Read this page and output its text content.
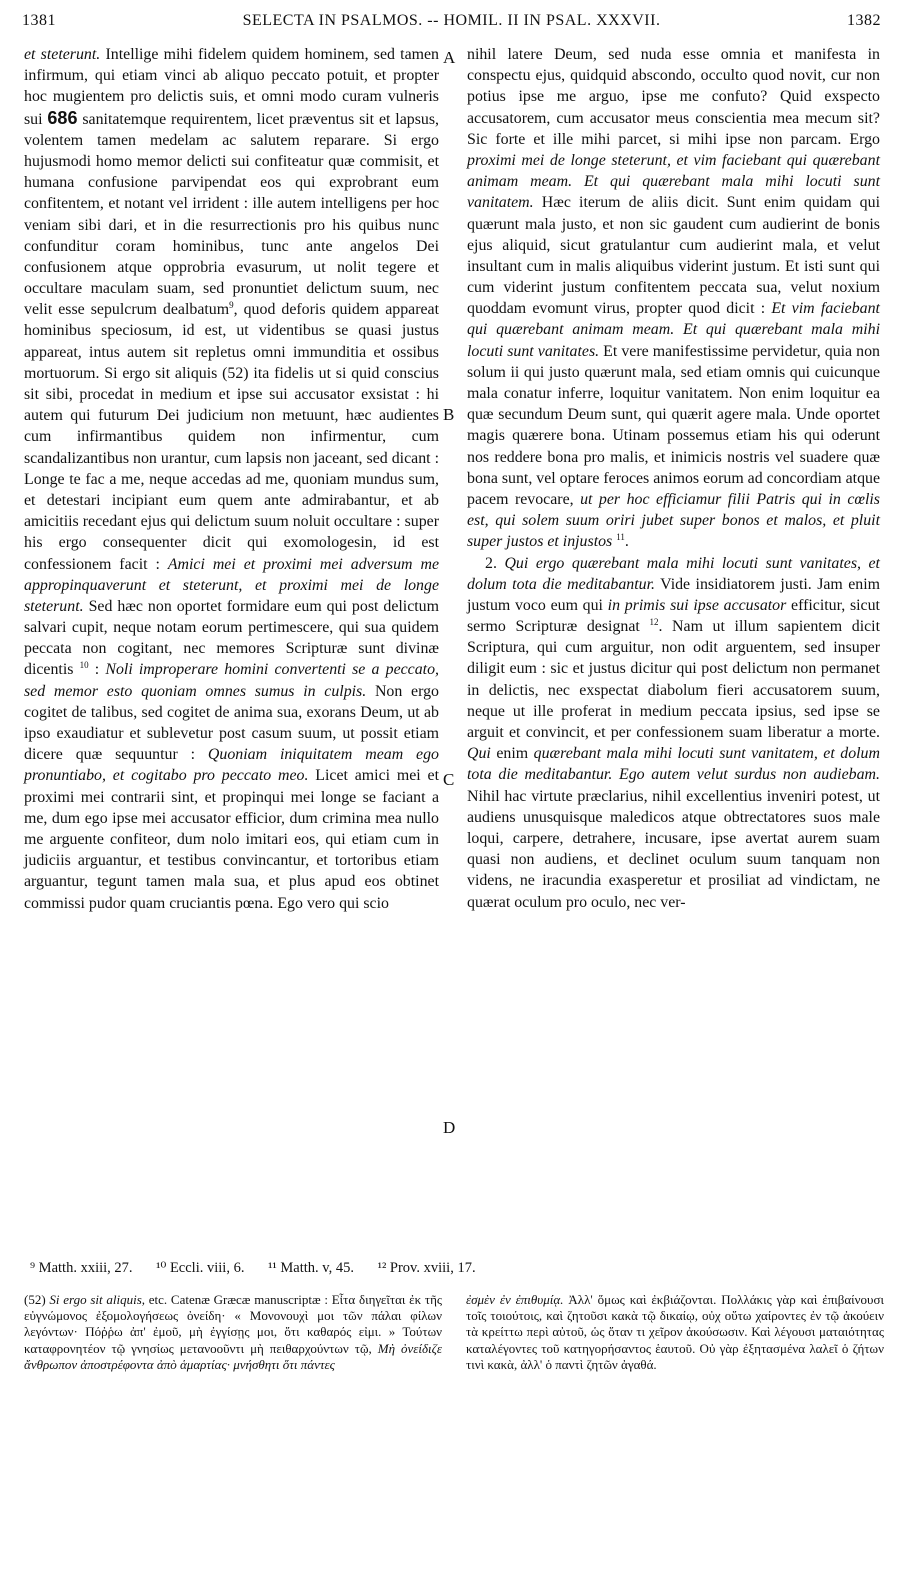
1381	SELECTA IN PSALMOS. -- HOMIL. II IN PSAL. XXXVII.	1382
A
B
C
D

et steterunt. Intellige mihi fidelem quidem hominem, sed tamen infirmum, qui etiam vinci ab aliquo peccato potuit, et propter hoc mugientem pro delictis suis, et omni modo curam vulneris sui 686 sanitatemque requirentem, licet præventus sit et lapsus, volentem tamen medelam ac salutem reparare. Si ergo hujusmodi homo memor delicti sui confiteatur quæ commisit, et humana confusione parvipendat eos qui exprobrant eum confitentem, et notant vel irrident : ille autem intelligens per hoc veniam sibi dari, et in die resurrectionis pro his quibus nunc confunditur coram hominibus, tunc ante angelos Dei confusionem atque opprobria evasurum, ut nolit tegere et occultare maculam suam, sed pronuntiet delictum suum, nec velit esse sepulcrum dealbatum$^9$, quod deforis quidem appareat hominibus speciosum, id est, ut videntibus se quasi justus appareat, intus autem sit repletus omni immunditia et ossibus mortuorum. Si ergo sit aliquis (52) ita fidelis ut si quid conscius sit sibi, procedat in medium et ipse sui accusator exsistat : hi autem qui futurum Dei judicium non metuunt, hæc audientes cum infirmantibus quidem non infirmentur, cum scandalizantibus non urantur, cum lapsis non jaceant, sed dicant : Longe te fac a me, neque accedas ad me, quoniam mundus sum, et detestari incipiant eum quem ante admirabantur, et ab amicitiis recedant ejus qui delictum suum noluit occultare : super his ergo consequenter dicit qui exomologesin, id est confessionem facit : Amici mei et proximi mei adversum me appropinquaverunt et steterunt, et proximi mei de longe steterunt. Sed hæc non oportet formidare eum qui post delictum salvari cupit, neque notam eorum pertimescere, qui sua quidem peccata non cogitant, nec memores Scripturæ sunt divinæ dicentis $^{10}$ : Noli improperare homini convertenti se a peccato, sed memor esto quoniam omnes sumus in culpis. Non ergo cogitet de talibus, sed cogitet de anima sua, exorans Deum, ut ab ipso exaudiatur et sublevetur post casum suum, ut possit etiam dicere quæ sequuntur : Quoniam iniquitatem meam ego pronuntiabo, et cogitabo pro peccato meo. Licet amici mei et proximi mei contrarii sint, et propinqui mei longe se faciant a me, dum ego ipse mei accusator efficior, dum crimina mea nullo me arguente confiteor, dum nolo imitari eos, qui etiam cum in judiciis arguantur, et testibus convincantur, et tortoribus etiam arguantur, tegunt tamen mala sua, et plus apud eos obtinet commissi pudor quam cruciantis pœna. Ego vero qui scio

nihil latere Deum, sed nuda esse omnia et manifesta in conspectu ejus, quidquid abscondo, occulto quod novit, cur non potius ipse me arguo, ipse me confuto? Quid exspecto accusatorem, cum accusator meus conscientia mea mecum sit? Sic forte et ille mihi parcet, si mihi ipse non parcam. Ergo proximi mei de longe steterunt, et vim faciebant qui quærebant animam meam. Et qui quærebant mala mihi locuti sunt vanitatem. Hæc iterum de aliis dicit. Sunt enim quidam qui quærunt mala justo, et non sic gaudent cum audierint de bonis ejus aliquid, sicut gratulantur cum audierint mala, et velut insultant cum in malis aliquibus viderint justum. Et isti sunt qui cum viderint justum confitentem peccata sua, velut noxium quoddam evomunt virus, propter quod dicit : Et vim faciebant qui quærebant animam meam. Et qui quærebant mala mihi locuti sunt vanitates. Et vere manifestissime pervidetur, quia non solum ii qui justo quærunt mala, sed etiam omnis qui cuicunque mala conatur inferre, loquitur vanitatem. Non enim loquitur ea quæ secundum Deum sunt, qui quærit agere mala. Unde oportet magis quærere bona. Utinam possemus etiam his qui oderunt nos reddere bona pro malis, et inimicis nostris vel suadere quæ bona sunt, vel optare feroces animos eorum ad concordiam atque pacem revocare, ut per hoc efficiamur filii Patris qui in cœlis est, qui solem suum oriri jubet super bonos et malos, et pluit super justos et injustos $^{11}$.

2. Qui ergo quærebant mala mihi locuti sunt vanitates, et dolum tota die meditabantur. Vide insidiatorem justi. Jam enim justum voco eum qui in primis sui ipse accusator efficitur, sicut sermo Scripturæ designat $^{12}$. Nam ut illum sapientem dicit Scriptura, qui cum arguitur, non odit arguentem, sed insuper diligit eum : sic et justus dicitur qui post delictum non permanet in delictis, nec exspectat diabolum fieri accusatorem suum, neque ut ille proferat in medium peccata ipsius, sed ipse se arguit et convincit, et per confessionem suam liberatur a morte. Qui enim quærebant mala mihi locuti sunt vanitatem, et dolum tota die meditabantur. Ego autem velut surdus non audiebam. Nihil hac virtute præclarius, nihil excellentius inveniri potest, ut audiens unusquisque maledicos atque obtrectatores suos male loqui, carpere, detrahere, incusare, ipse avertat aurem suam quasi non audiens, et declinet oculum suum tanquam non videns, ne iracundia exasperetur et prosiliat ad vindictam, ne quærat oculum pro oculo, nec ver-

⁹ Matth. xxiii, 27. ¹⁰ Eccli. viii, 6. ¹¹ Matth. v, 45. ¹² Prov. xviii, 17.
(52) Si ergo sit aliquis, etc. Catenæ Græcæ manuscriptæ : Εἶτα διηγεῖται ἐκ τῆς εὐγνώμονος ἐξομολογήσεως ὀνείδη· « Μονονουχὶ μοι τῶν πάλαι φίλων λεγόντων· Πόῤῥω ἀπ' ἐμοῦ, μὴ ἐγγίσῃς μοι, ὅτι καθαρός εἰμι. » Τούτων καταφρονητέον τῷ γνησίως μετανοοῦντι μὴ πειθαρχούντων τῷ, Μὴ ὀνείδιζε ἄνθρωπον ἀποστρέφοντα ἀπὸ ἁμαρτίας· μνήσθητι ὅτι πάντες
ἐσμὲν ἐν ἐπιθυμίᾳ. Ἀλλ' ὅμως καὶ ἐκβιάζονται. Πολλάκις γὰρ καὶ ἐπιβαίνουσι τοῖς τοιούτοις, καὶ ζητοῦσι κακὰ τῷ δικαίῳ, οὐχ οὕτω χαίροντες ἐν τῷ ἀκούειν τὰ κρείττω περὶ αὐτοῦ, ὡς ὅταν τι χεῖρον ἀκούσωσιν. Καὶ λέγουσι ματαιότητας καταλέγοντες τοῦ κατηγορήσαντος ἑαυτοῦ. Οὐ γὰρ ἐξητασμένα λαλεῖ ὁ ζήτων τινὶ κακὰ, ἀλλ' ὁ παντὶ ζητῶν ἀγαθά.
